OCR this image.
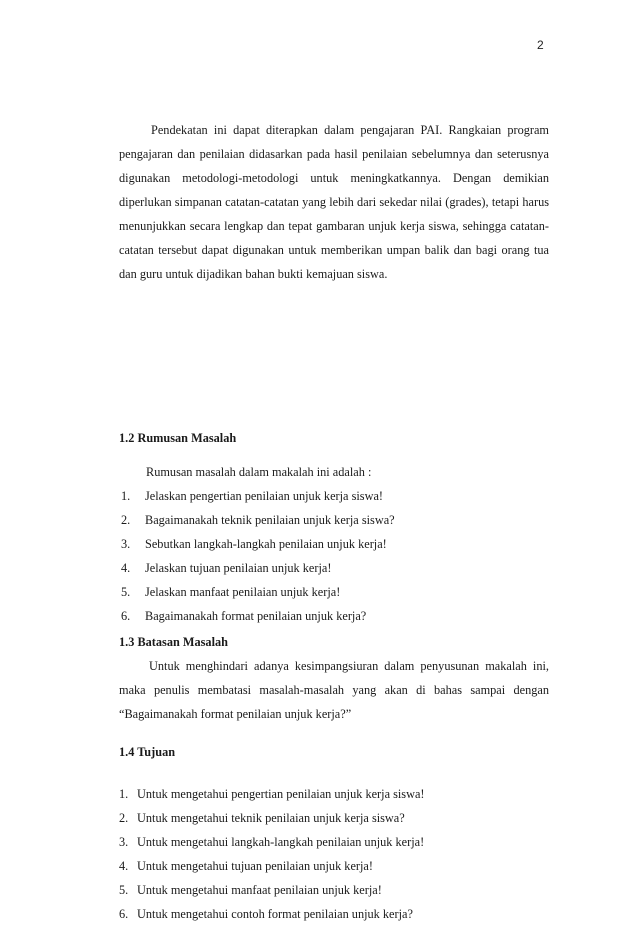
2

Pendekatan ini dapat diterapkan dalam pengajaran PAI. Rangkaian program pengajaran dan penilaian didasarkan pada hasil penilaian sebelumnya dan seterusnya digunakan metodologi-metodologi untuk meningkatkannya. Dengan demikian diperlukan simpanan catatan-catatan yang lebih dari sekedar nilai (grades), tetapi harus menunjukkan secara lengkap dan tepat gambaran unjuk kerja siswa, sehingga catatan-catatan tersebut dapat digunakan untuk memberikan umpan balik dan bagi orang tua dan guru untuk dijadikan bahan bukti kemajuan siswa.

1.2 Rumusan Masalah

Rumusan masalah dalam makalah ini adalah :

1.	Jelaskan pengertian penilaian unjuk kerja siswa!
2.	Bagaimanakah teknik penilaian unjuk kerja siswa?
3.	Sebutkan langkah-langkah penilaian unjuk kerja!
4.	Jelaskan tujuan penilaian unjuk kerja!
5.	Jelaskan manfaat penilaian unjuk kerja!
6.	Bagaimanakah format penilaian unjuk kerja?
1.3 Batasan Masalah

Untuk menghindari adanya kesimpangsiuran dalam penyusunan makalah ini, maka penulis membatasi masalah-masalah yang akan di bahas sampai dengan “Bagaimanakah format penilaian unjuk kerja?”

1.4 Tujuan
1. Untuk mengetahui pengertian penilaian unjuk kerja siswa!
2. Untuk mengetahui teknik penilaian unjuk kerja siswa?
3. Untuk mengetahui langkah-langkah penilaian unjuk kerja!
4. Untuk mengetahui tujuan penilaian unjuk kerja!
5. Untuk mengetahui manfaat penilaian unjuk kerja!
6. Untuk mengetahui contoh format penilaian unjuk kerja?
